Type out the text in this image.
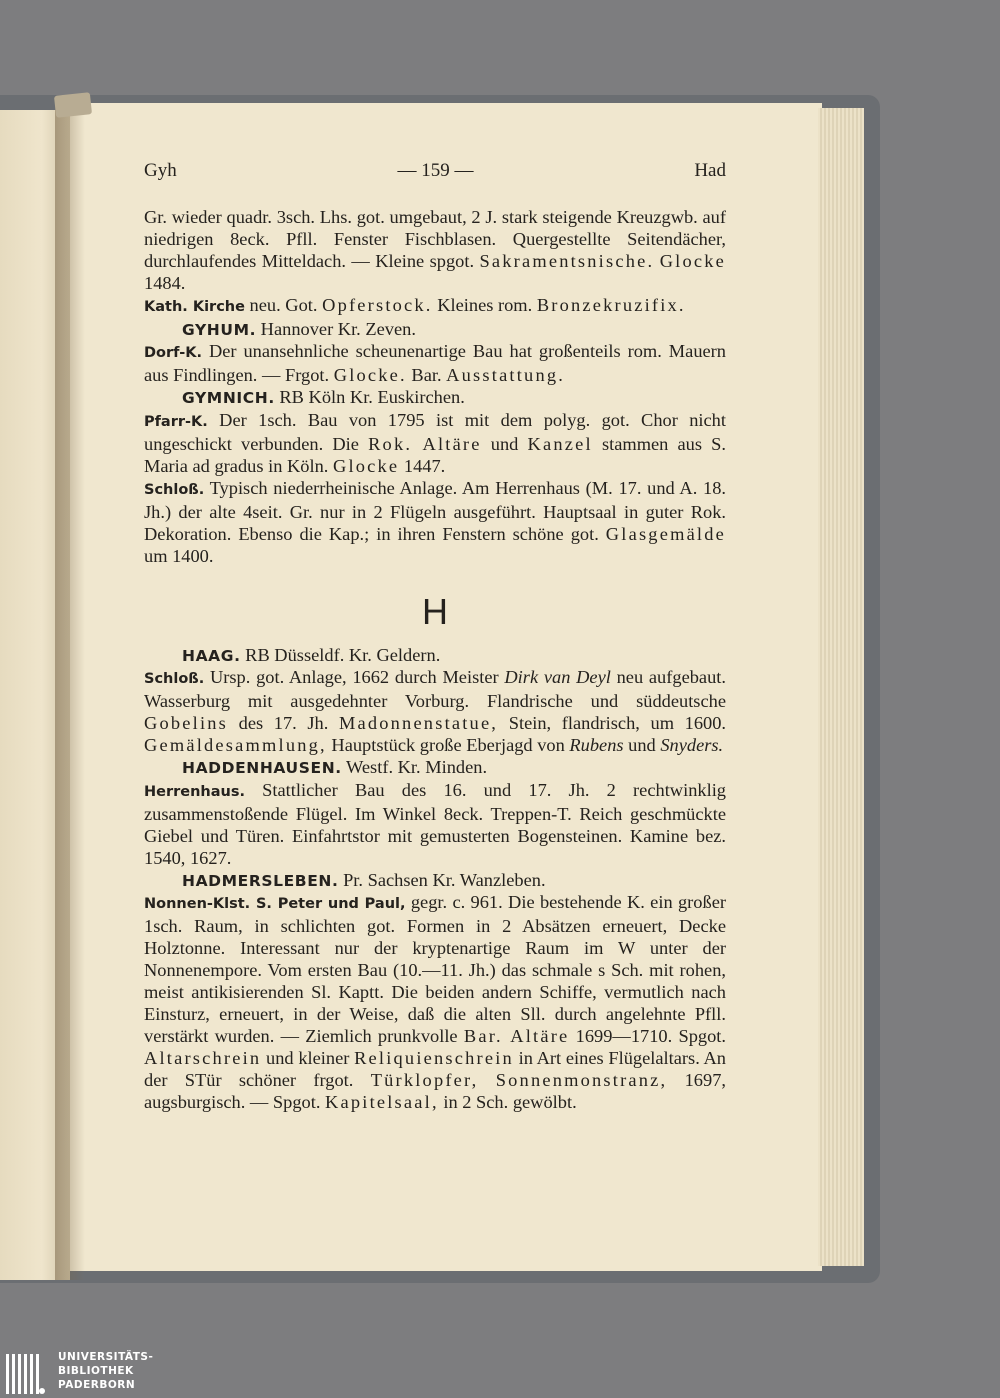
Gyh	— 159 —	Had

Gr. wieder quadr. 3sch. Lhs. got. umgebaut, 2 J. stark steigende Kreuzgwb. auf niedrigen 8eck. Pfll. Fenster Fischblasen. Quergestellte Seitendächer, durchlaufendes Mitteldach. — Kleine spgot. Sakramentsnische. Glocke 1484.

Kath. Kirche neu. Got. Opferstock. Kleines rom. Bronzekruzifix.

GYHUM. Hannover Kr. Zeven.

Dorf-K. Der unansehnliche scheunenartige Bau hat großenteils rom. Mauern aus Findlingen. — Frgot. Glocke. Bar. Ausstattung.

GYMNICH. RB Köln Kr. Euskirchen.

Pfarr-K. Der 1sch. Bau von 1795 ist mit dem polyg. got. Chor nicht ungeschickt verbunden. Die Rok. Altäre und Kanzel stammen aus S. Maria ad gradus in Köln. Glocke 1447.

Schloß. Typisch niederrheinische Anlage. Am Herrenhaus (M. 17. und A. 18. Jh.) der alte 4seit. Gr. nur in 2 Flügeln ausgeführt. Hauptsaal in guter Rok. Dekoration. Ebenso die Kap.; in ihren Fenstern schöne got. Glasgemälde um 1400.

H

HAAG. RB Düsseldf. Kr. Geldern.

Schloß. Ursp. got. Anlage, 1662 durch Meister Dirk van Deyl neu aufgebaut. Wasserburg mit ausgedehnter Vorburg. Flandrische und süddeutsche Gobelins des 17. Jh. Madonnenstatue, Stein, flandrisch, um 1600. Gemäldesammlung, Hauptstück große Eberjagd von Rubens und Snyders.

HADDENHAUSEN. Westf. Kr. Minden.

Herrenhaus. Stattlicher Bau des 16. und 17. Jh. 2 rechtwinklig zusammenstoßende Flügel. Im Winkel 8eck. Treppen-T. Reich geschmückte Giebel und Türen. Einfahrtstor mit gemusterten Bogensteinen. Kamine bez. 1540, 1627.

HADMERSLEBEN. Pr. Sachsen Kr. Wanzleben.

Nonnen-Klst. S. Peter und Paul, gegr. c. 961. Die bestehende K. ein großer 1sch. Raum, in schlichten got. Formen in 2 Absätzen erneuert, Decke Holztonne. Interessant nur der kryptenartige Raum im W unter der Nonnenempore. Vom ersten Bau (10.—11. Jh.) das schmale s Sch. mit rohen, meist antikisierenden Sl. Kaptt. Die beiden andern Schiffe, vermutlich nach Einsturz, erneuert, in der Weise, daß die alten Sll. durch angelehnte Pfll. verstärkt wurden. — Ziemlich prunkvolle Bar. Altäre 1699—1710. Spgot. Altarschrein und kleiner Reliquienschrein in Art eines Flügelaltars. An der STür schöner frgot. Türklopfer, Sonnenmonstranz, 1697, augsburgisch. — Spgot. Kapitelsaal, in 2 Sch. gewölbt.

UNIVERSITÄTS-
BIBLIOTHEK
PADERBORN
